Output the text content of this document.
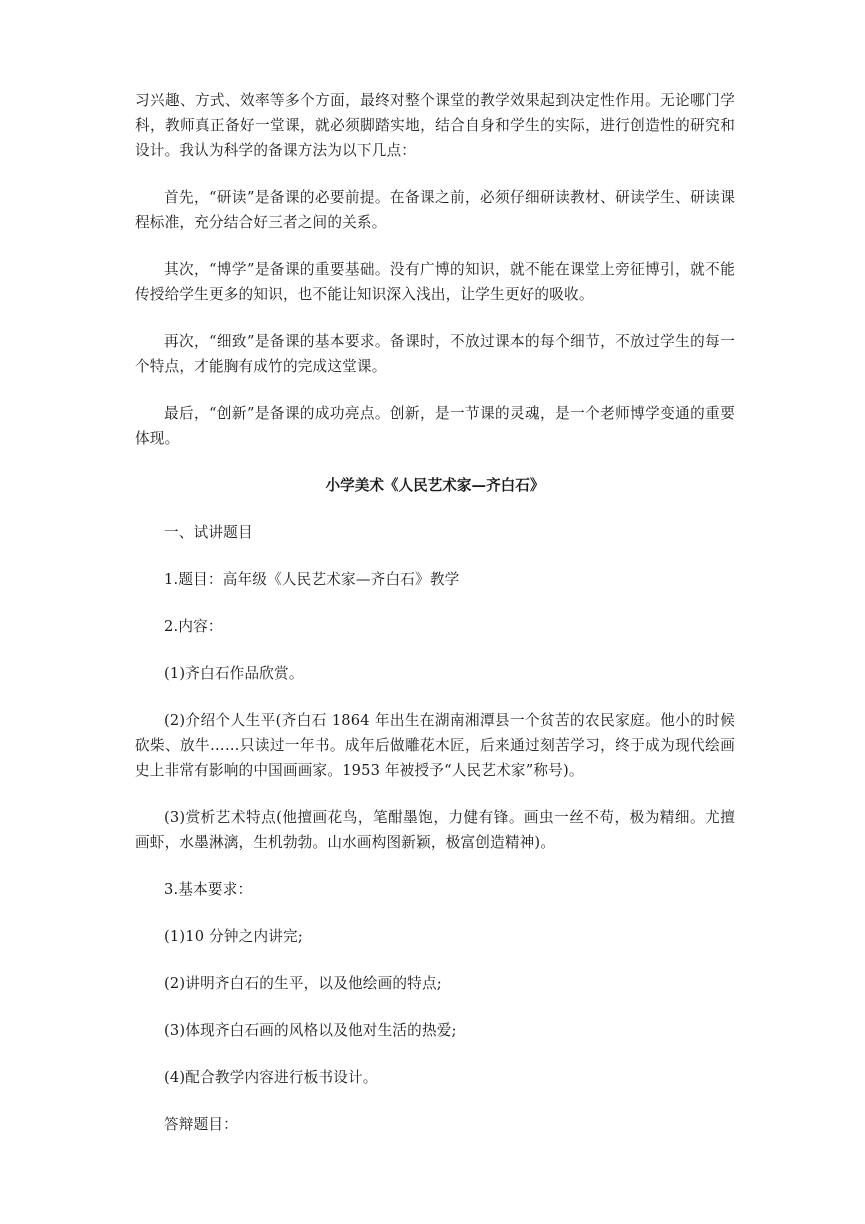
习兴趣、方式、效率等多个方面，最终对整个课堂的教学效果起到决定性作用。无论哪门学科，教师真正备好一堂课，就必须脚踏实地，结合自身和学生的实际，进行创造性的研究和设计。我认为科学的备课方法为以下几点：

首先，“研读”是备课的必要前提。在备课之前，必须仔细研读教材、研读学生、研读课程标准，充分结合好三者之间的关系。

其次，“博学”是备课的重要基础。没有广博的知识，就不能在课堂上旁征博引，就不能传授给学生更多的知识，也不能让知识深入浅出，让学生更好的吸收。

再次，“细致”是备课的基本要求。备课时，不放过课本的每个细节，不放过学生的每一个特点，才能胸有成竹的完成这堂课。

最后，“创新”是备课的成功亮点。创新，是一节课的灵魂，是一个老师博学变通的重要体现。

小学美术《人民艺术家—齐白石》

一、试讲题目

1.题目：高年级《人民艺术家—齐白石》教学

2.内容：

(1)齐白石作品欣赏。

(2)介绍个人生平(齐白石 1864 年出生在湖南湘潭县一个贫苦的农民家庭。他小的时候砍柴、放牛……只读过一年书。成年后做雕花木匠，后来通过刻苦学习，终于成为现代绘画史上非常有影响的中国画画家。1953 年被授予“人民艺术家”称号)。

(3)赏析艺术特点(他擅画花鸟，笔酣墨饱，力健有锋。画虫一丝不苟，极为精细。尤擅画虾，水墨淋漓，生机勃勃。山水画构图新颖，极富创造精神)。

3.基本要求：

(1)10 分钟之内讲完;

(2)讲明齐白石的生平，以及他绘画的特点;

(3)体现齐白石画的风格以及他对生活的热爱;

(4)配合教学内容进行板书设计。

答辩题目：
